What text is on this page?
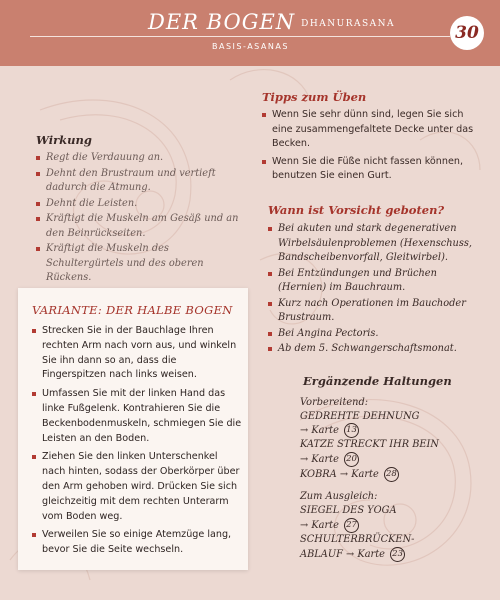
DER BOGEN DHANURASANA
BASIS-ASANAS
30
Wirkung
Regt die Verdauung an.
Dehnt den Brustraum und vertieft dadurch die Atmung.
Dehnt die Leisten.
Kräftigt die Muskeln am Gesäß und an den Beinrückseiten.
Kräftigt die Muskeln des Schultergürtels und des oberen Rückens.
Tipps zum Üben
Wenn Sie sehr dünn sind, legen Sie sich eine zusammengefaltete Decke unter das Becken.
Wenn Sie die Füße nicht fassen können, benutzen Sie einen Gurt.
Wann ist Vorsicht geboten?
Bei akuten und stark degenerativen Wirbelsäulenproblemen (Hexenschuss, Bandscheibenvorfall, Gleitwirbel).
Bei Entzündungen und Brüchen (Hernien) im Bauchraum.
Kurz nach Operationen im Bauchoder Brustraum.
Bei Angina Pectoris.
Ab dem 5. Schwangerschaftsmonat.
VARIANTE: DER HALBE BOGEN
Strecken Sie in der Bauchlage Ihren rechten Arm nach vorn aus, und winkeln Sie ihn dann so an, dass die Fingerspitzen nach links weisen.
Umfassen Sie mit der linken Hand das linke Fußgelenk. Kontrahieren Sie die Beckenbodenmuskeln, schmiegen Sie die Leisten an den Boden.
Ziehen Sie den linken Unterschenkel nach hinten, sodass der Oberkörper über den Arm gehoben wird. Drücken Sie sich gleichzeitig mit dem rechten Unterarm vom Boden weg.
Verweilen Sie so einige Atemzüge lang, bevor Sie die Seite wechseln.
Ergänzende Haltungen
Vorbereitend:
GEDREHTE DEHNUNG
→ Karte 13
KATZE STRECKT IHR BEIN
→ Karte 20
KOBRA → Karte 28
Zum Ausgleich:
SIEGEL DES YOGA
→ Karte 27
SCHULTERBRÜCKEN-
ABLAUF → Karte 23
